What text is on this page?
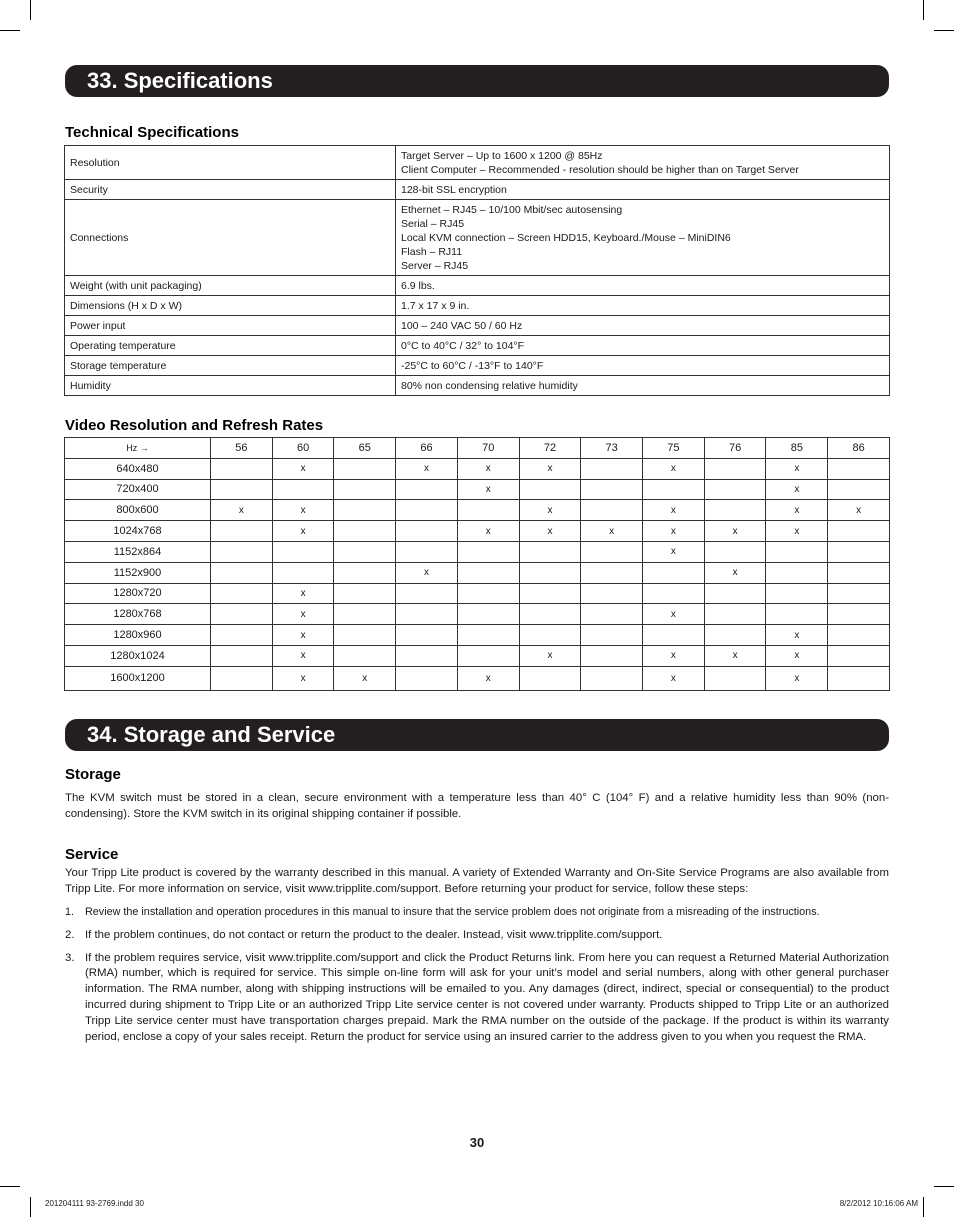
33. Specifications
Technical Specifications
Resolution	Target Server – Up to 1600 x 1200 @ 85Hz
Client Computer – Recommended - resolution should be higher than on Target Server

Security	128-bit SSL encryption

Connections	Ethernet – RJ45 – 10/100 Mbit/sec autosensing
Serial – RJ45
Local KVM connection – Screen HDD15, Keyboard./Mouse – MiniDIN6
Flash – RJ11
Server – RJ45

Weight (with unit packaging)	6.9 lbs.

Dimensions (H x D x W)	1.7 x 17 x 9 in.

Power input	100 – 240 VAC 50 / 60 Hz

Operating temperature	0°C to 40°C / 32° to 104°F

Storage temperature	-25°C to 60°C / -13°F to 140°F

Humidity	80% non condensing relative humidity
Video Resolution and Refresh Rates
Hz →	56	60	65	66	70	72	73	75	76	85	86
640x480		x		x	x	x		x		x	
720x400					x					x	
800x600	x	x				x		x		x	x
1024x768		x			x	x	x	x	x	x	
1152x864								x			
1152x900				x					x		
1280x720		x									
1280x768		x						x			
1280x960		x								x	
1280x1024		x				x		x	x	x	
1600x1200		x	x		x			x		x	
34. Storage and Service
Storage

The KVM switch must be stored in a clean, secure environment with a temperature less than 40° C (104° F) and a relative humidity less than 90% (non-condensing). Store the KVM switch in its original shipping container if possible.

Service

Your Tripp Lite product is covered by the warranty described in this manual. A variety of Extended Warranty and On-Site Service Programs are also available from Tripp Lite. For more information on service, visit www.tripplite.com/support. Before returning your product for service, follow these steps:

1. Review the installation and operation procedures in this manual to insure that the service problem does not originate from a misreading of the instructions.
2. If the problem continues, do not contact or return the product to the dealer. Instead, visit www.tripplite.com/support.
3. If the problem requires service, visit www.tripplite.com/support and click the Product Returns link. From here you can request a Returned Material Authorization (RMA) number, which is required for service. This simple on-line form will ask for your unit’s model and serial numbers, along with other general purchaser information. The RMA number, along with shipping instructions will be emailed to you. Any damages (direct, indirect, special or consequential) to the product incurred during shipment to Tripp Lite or an authorized Tripp Lite service center is not covered under warranty. Products shipped to Tripp Lite or an authorized Tripp Lite service center must have transportation charges prepaid. Mark the RMA number on the outside of the package. If the product is within its warranty period, enclose a copy of your sales receipt. Return the product for service using an insured carrier to the address given to you when you request the RMA.
30
201204111 93-2769.indd 30	8/2/2012 10:16:06 AM
